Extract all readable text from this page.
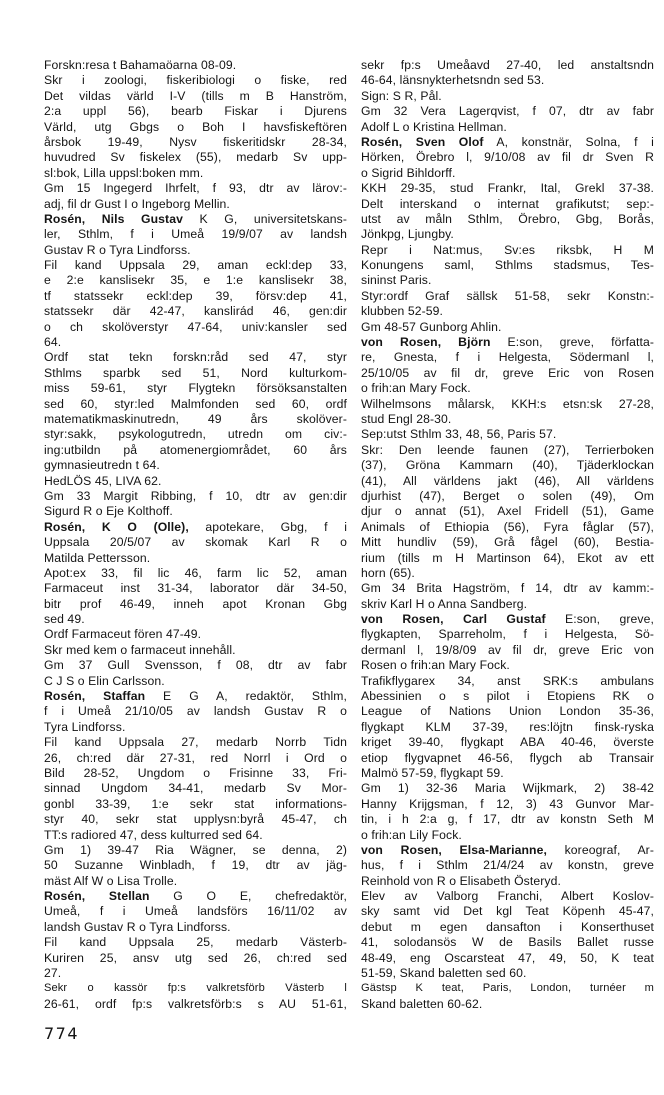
Forskn:resa t Bahamaöarna 08-09.
Skr i zoologi, fiskeribiologi o fiske, red
Det vildas värld I-V (tills m B Hanström,
2:a uppl 56), bearb Fiskar i Djurens
Värld, utg Gbgs o Boh I havsfiskeftören
årsbok 19-49, Nysv fiskeritidskr 28-34,
huvudred Sv fiskelex (55), medarb Sv upp-
sl:bok, Lilla uppsl:boken mm.
Gm 15 Ingegerd Ihrfelt, f 93, dtr av lärov:-
adj, fil dr Gust I o Ingeborg Mellin.
Rosén, Nils Gustav K G, universitetskans-
ler, Sthlm, f i Umeå 19/9/07 av landsh
Gustav R o Tyra Lindforss.
Fil kand Uppsala 29, aman eckl:dep 33,
e 2:e kanslisekr 35, e 1:e kanslisekr 38,
tf statssekr eckl:dep 39, försv:dep 41,
statssekr där 42-47, kanslirád 46, gen:dir
o ch skolöverstyr 47-64, univ:kansler sed
64.
Ordf stat tekn forskn:råd sed 47, styr
Sthlms sparbk sed 51, Nord kulturkom-
miss 59-61, styr Flygtekn försöksanstalten
sed 60, styr:led Malmfonden sed 60, ordf
matematikmaskinutredn, 49 års skolöver-
styr:sakk, psykologutredn, utredn om civ:-
ing:utbildn på atomenergiområdet, 60 års
gymnasieutredn t 64.
HedLÖS 45, LIVA 62.
Gm 33 Margit Ribbing, f 10, dtr av gen:dir
Sigurd R o Eje Kolthoff.
Rosén, K O (Olle), apotekare, Gbg, f i
Uppsala 20/5/07 av skomak Karl R o
Matilda Pettersson.
Apot:ex 33, fil lic 46, farm lic 52, aman
Farmaceut inst 31-34, laborator där 34-50,
bitr prof 46-49, inneh apot Kronan Gbg
sed 49.
Ordf Farmaceut fören 47-49.
Skr med kem o farmaceut innehåll.
Gm 37 Gull Svensson, f 08, dtr av fabr
C J S o Elin Carlsson.
Rosén, Staffan E G A, redaktör, Sthlm,
f i Umeå 21/10/05 av landsh Gustav R o
Tyra Lindforss.
Fil kand Uppsala 27, medarb Norrb Tidn
26, ch:red där 27-31, red Norrl i Ord o
Bild 28-52, Ungdom o Frisinne 33, Fri-
sinnad Ungdom 34-41, medarb Sv Mor-
gonbl 33-39, 1:e sekr stat informations-
styr 40, sekr stat upplysn:byrå 45-47, ch
TT:s radiored 47, dess kulturred sed 64.
Gm 1) 39-47 Ria Wägner, se denna, 2)
50 Suzanne Winbladh, f 19, dtr av jäg-
mäst Alf W o Lisa Trolle.
Rosén, Stellan G O E, chefredaktör,
Umeå, f i Umeå landsförs 16/11/02 av
landsh Gustav R o Tyra Lindforss.
Fil kand Uppsala 25, medarb Västerb-
Kuriren 25, ansv utg sed 26, ch:red sed
27.
Sekr o kassör fp:s valkretsförb Västerb l
26-61, ordf fp:s valkretsförb:s s AU 51-61,
sekr fp:s Umeåavd 27-40, led anstaltsndn
46-64, länsnykterhetsndn sed 53.
Sign: S R, Pål.
Gm 32 Vera Lagerqvist, f 07, dtr av fabr
Adolf L o Kristina Hellman.
Rosén, Sven Olof A, konstnär, Solna, f i
Hörken, Örebro l, 9/10/08 av fil dr Sven R
o Sigrid Bihldorff.
KKH 29-35, stud Frankr, Ital, Grekl 37-38.
Delt interskand o internat grafikutst; sep:-
utst av måln Sthlm, Örebro, Gbg, Borås,
Jönkpg, Ljungby.
Repr i Nat:mus, Sv:es riksbk, H M
Konungens saml, Sthlms stadsmus, Tes-
sininst Paris.
Styr:ordf Graf sällsk 51-58, sekr Konstn:-
klubben 52-59.
Gm 48-57 Gunborg Ahlin.
von Rosen, Björn E:son, greve, författa-
re, Gnesta, f i Helgesta, Södermanl l,
25/10/05 av fil dr, greve Eric von Rosen
o frih:an Mary Fock.
Wilhelmsons målarsk, KKH:s etsn:sk 27-28,
stud Engl 28-30.
Sep:utst Sthlm 33, 48, 56, Paris 57.
Skr: Den leende faunen (27), Terrierboken
(37), Gröna Kammarn (40), Tjäderklockan
(41), All världens jakt (46), All världens
djurhist (47), Berget o solen (49), Om
djur o annat (51), Axel Fridell (51), Game
Animals of Ethiopia (56), Fyra fåglar (57),
Mitt hundliv (59), Grå fågel (60), Bestia-
rium (tills m H Martinson 64), Ekot av ett
horn (65).
Gm 34 Brita Hagström, f 14, dtr av kamm:-
skriv Karl H o Anna Sandberg.
von Rosen, Carl Gustaf E:son, greve,
flygkapten, Sparreholm, f i Helgesta, Sö-
dermanl l, 19/8/09 av fil dr, greve Eric von
Rosen o frih:an Mary Fock.
Trafikflygarex 34, anst SRK:s ambulans
Abessinien o s pilot i Etopiens RK o
League of Nations Union London 35-36,
flygkapt KLM 37-39, res:löjtn finsk-ryska
kriget 39-40, flygkapt ABA 40-46, överste
etiop flygvapnet 46-56, flygch ab Transair
Malmö 57-59, flygkapt 59.
Gm 1) 32-36 Maria Wijkmark, 2) 38-42
Hanny Krijgsman, f 12, 3) 43 Gunvor Mar-
tin, i h 2:a g, f 17, dtr av konstn Seth M
o frih:an Lily Fock.
von Rosen, Elsa-Marianne, koreograf, Ar-
hus, f i Sthlm 21/4/24 av konstn, greve
Reinhold von R o Elisabeth Österyd.
Elev av Valborg Franchi, Albert Koslov-
sky samt vid Det kgl Teat Köpenh 45-47,
debut m egen dansafton i Konserthuset
41, solodansös W de Basils Ballet russe
48-49, eng Oscarsteat 47, 49, 50, K teat
51-59, Skand baletten sed 60.
Gästsp K teat, Paris, London, turnéer m
Skand baletten 60-62.
774
